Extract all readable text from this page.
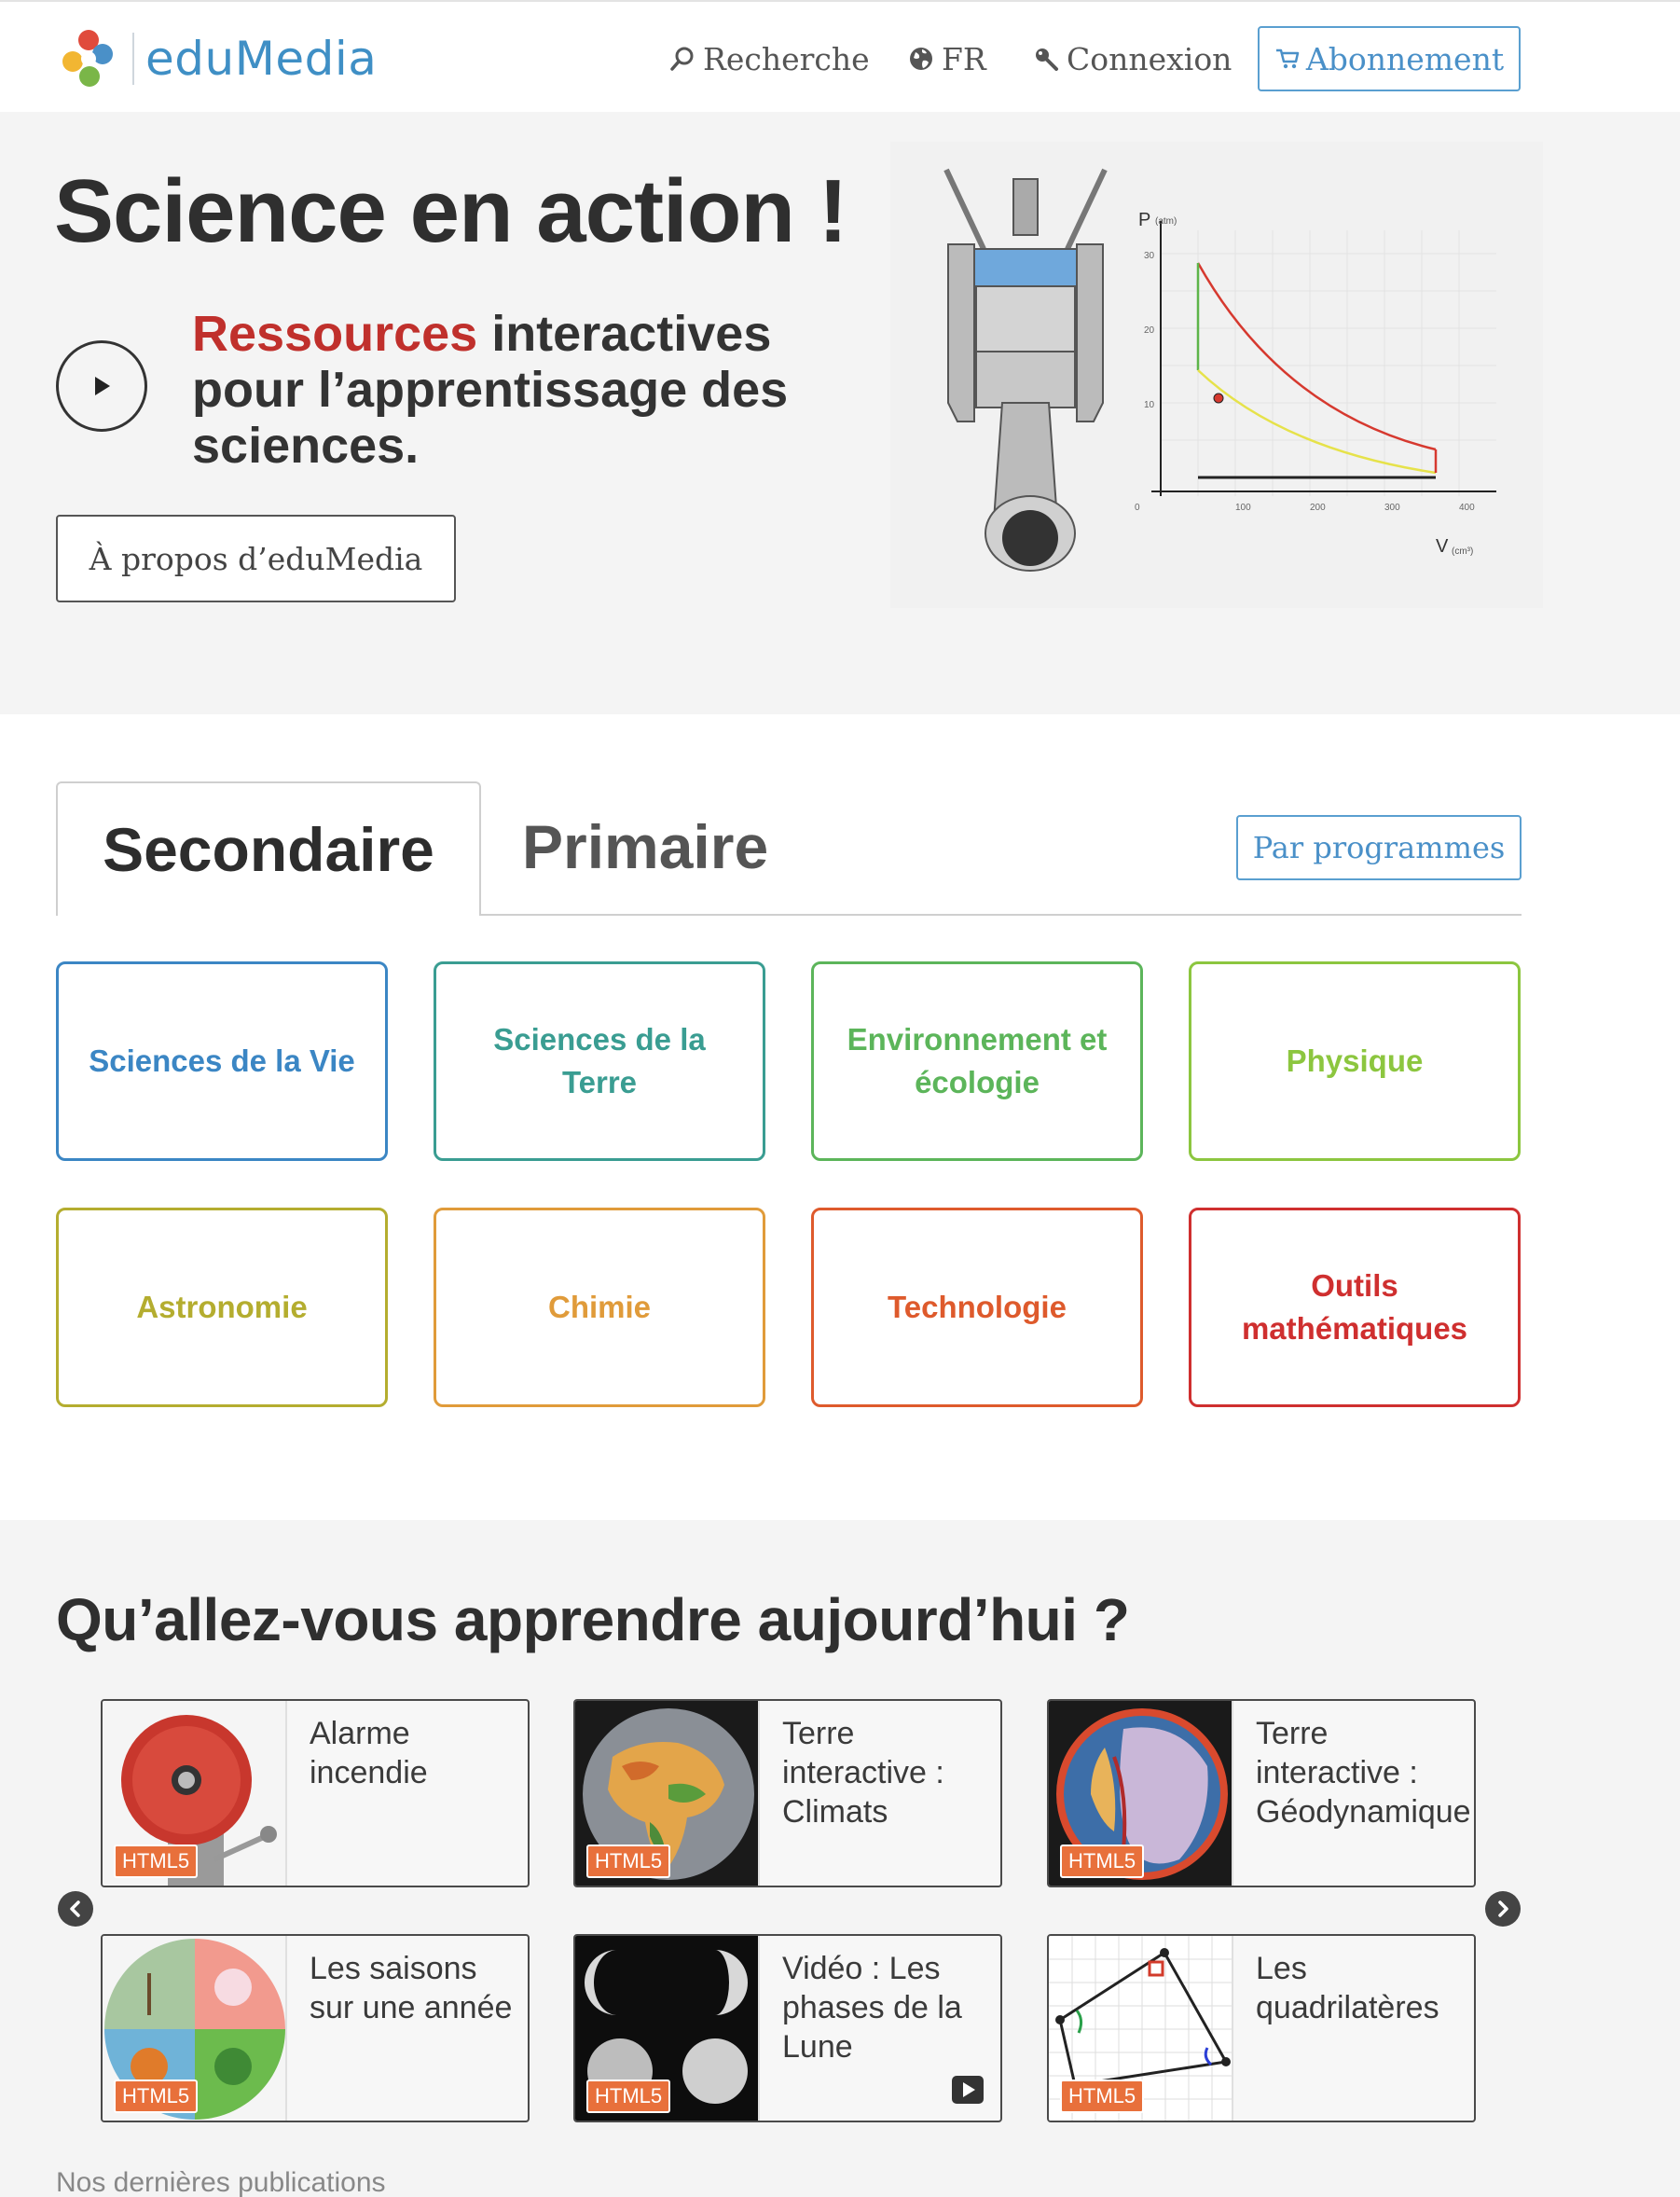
eduMedia	Recherche FR	Connexion Abonnement
Science en action !
Ressources interactives pour l’apprentissage des sciences.
À propos d’eduMedia
P (atm)
30
20
10
0	100	200	300	400
V (cm³)
Secondaire	Primaire	Par programmes
Sciences de la Vie
Sciences de la Terre
Environnement et écologie
Physique
Astronomie	Chimie	Technologie
Outils mathématiques
Qu’allez-vous apprendre aujourd’hui ?
HTML5
Alarme incendie
HTML5
Terre interactive : Climats
HTML5
Terre interactive : Géodynamique
HTML5
Les saisons sur une année
HTML5
Vidéo : Les phases de la Lune
HTML5
Les quadrilatères
Nos dernières publications
